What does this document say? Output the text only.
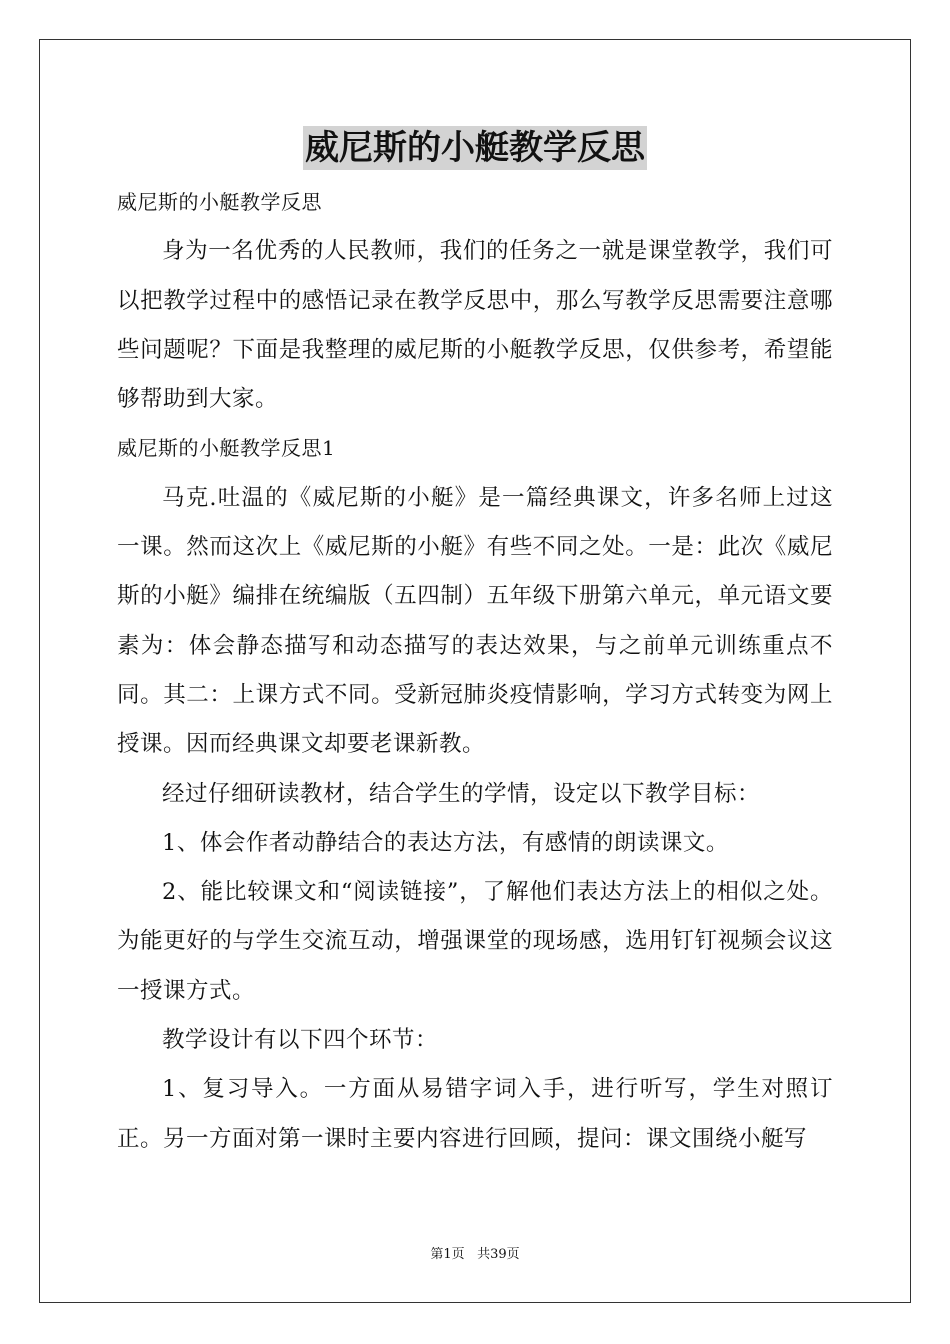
威尼斯的小艇教学反思

威尼斯的小艇教学反思

身为一名优秀的人民教师，我们的任务之一就是课堂教学，我们可以把教学过程中的感悟记录在教学反思中，那么写教学反思需要注意哪些问题呢？下面是我整理的威尼斯的小艇教学反思，仅供参考，希望能够帮助到大家。

威尼斯的小艇教学反思1

马克.吐温的《威尼斯的小艇》是一篇经典课文，许多名师上过这一课。然而这次上《威尼斯的小艇》有些不同之处。一是：此次《威尼斯的小艇》编排在统编版（五四制）五年级下册第六单元，单元语文要素为：体会静态描写和动态描写的表达效果，与之前单元训练重点不同。其二：上课方式不同。受新冠肺炎疫情影响，学习方式转变为网上授课。因而经典课文却要老课新教。

经过仔细研读教材，结合学生的学情，设定以下教学目标：

1、体会作者动静结合的表达方法，有感情的朗读课文。

2、能比较课文和“阅读链接”，了解他们表达方法上的相似之处。为能更好的与学生交流互动，增强课堂的现场感，选用钉钉视频会议这一授课方式。

教学设计有以下四个环节：

1、复习导入。一方面从易错字词入手，进行听写，学生对照订正。另一方面对第一课时主要内容进行回顾，提问：课文围绕小艇写

第1页 共39页
